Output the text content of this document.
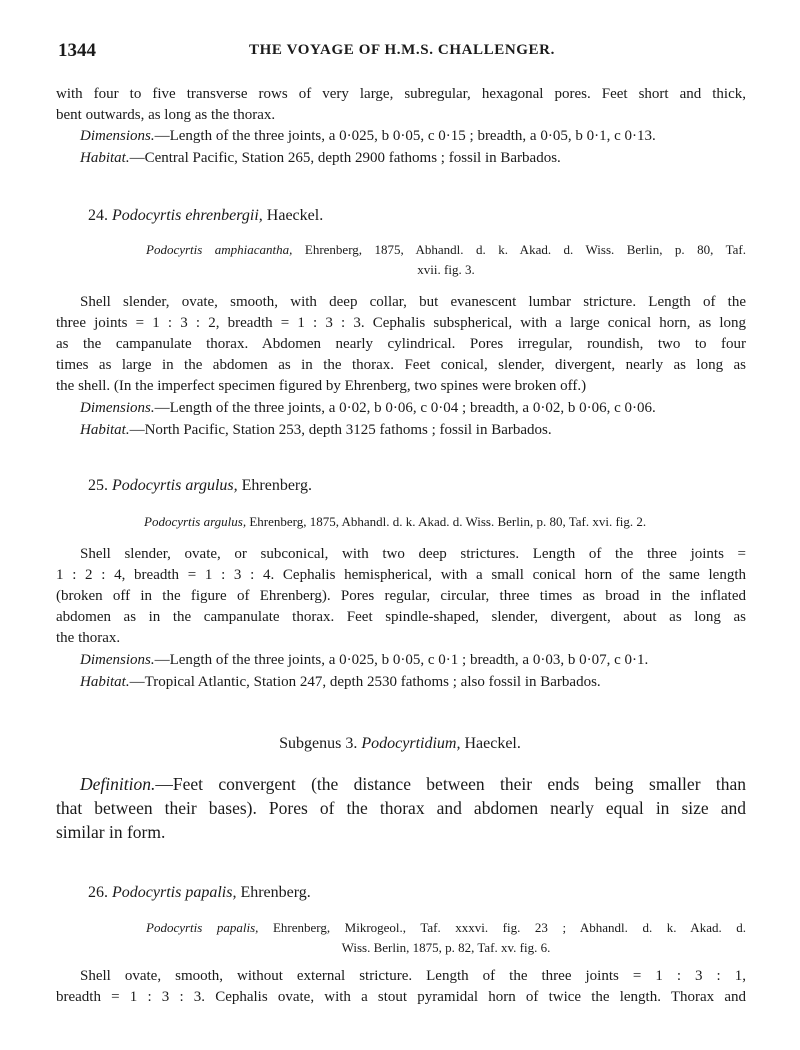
1344	THE VOYAGE OF H.M.S. CHALLENGER.
with four to five transverse rows of very large, subregular, hexagonal pores. Feet short and thick,
bent outwards, as long as the thorax.
Dimensions.—Length of the three joints, a 0·025, b 0·05, c 0·15 ; breadth, a 0·05, b 0·1, c 0·13.
Habitat.—Central Pacific, Station 265, depth 2900 fathoms ; fossil in Barbados.
24. Podocyrtis ehrenbergii, Haeckel.
Podocyrtis amphiacantha, Ehrenberg, 1875, Abhandl. d. k. Akad. d. Wiss. Berlin, p. 80, Taf.
xvii. fig. 3.
Shell slender, ovate, smooth, with deep collar, but evanescent lumbar stricture. Length of the
three joints = 1 : 3 : 2, breadth = 1 : 3 : 3. Cephalis subspherical, with a large conical horn, as long
as the campanulate thorax. Abdomen nearly cylindrical. Pores irregular, roundish, two to four
times as large in the abdomen as in the thorax. Feet conical, slender, divergent, nearly as long as
the shell. (In the imperfect specimen figured by Ehrenberg, two spines were broken off.)
Dimensions.—Length of the three joints, a 0·02, b 0·06, c 0·04 ; breadth, a 0·02, b 0·06, c 0·06.
Habitat.—North Pacific, Station 253, depth 3125 fathoms ; fossil in Barbados.
25. Podocyrtis argulus, Ehrenberg.
Podocyrtis argulus, Ehrenberg, 1875, Abhandl. d. k. Akad. d. Wiss. Berlin, p. 80, Taf. xvi. fig. 2.
Shell slender, ovate, or subconical, with two deep strictures. Length of the three joints =
1 : 2 : 4, breadth = 1 : 3 : 4. Cephalis hemispherical, with a small conical horn of the same length
(broken off in the figure of Ehrenberg). Pores regular, circular, three times as broad in the inflated
abdomen as in the campanulate thorax. Feet spindle-shaped, slender, divergent, about as long as
the thorax.
Dimensions.—Length of the three joints, a 0·025, b 0·05, c 0·1 ; breadth, a 0·03, b 0·07, c 0·1.
Habitat.—Tropical Atlantic, Station 247, depth 2530 fathoms ; also fossil in Barbados.
Subgenus 3. Podocyrtidium, Haeckel.
Definition.—Feet convergent (the distance between their ends being smaller than
that between their bases). Pores of the thorax and abdomen nearly equal in size and
similar in form.
26. Podocyrtis papalis, Ehrenberg.
Podocyrtis papalis, Ehrenberg, Mikrogeol., Taf. xxxvi. fig. 23 ; Abhandl. d. k. Akad. d.
Wiss. Berlin, 1875, p. 82, Taf. xv. fig. 6.
Shell ovate, smooth, without external stricture. Length of the three joints = 1 : 3 : 1,
breadth = 1 : 3 : 3. Cephalis ovate, with a stout pyramidal horn of twice the length. Thorax and
